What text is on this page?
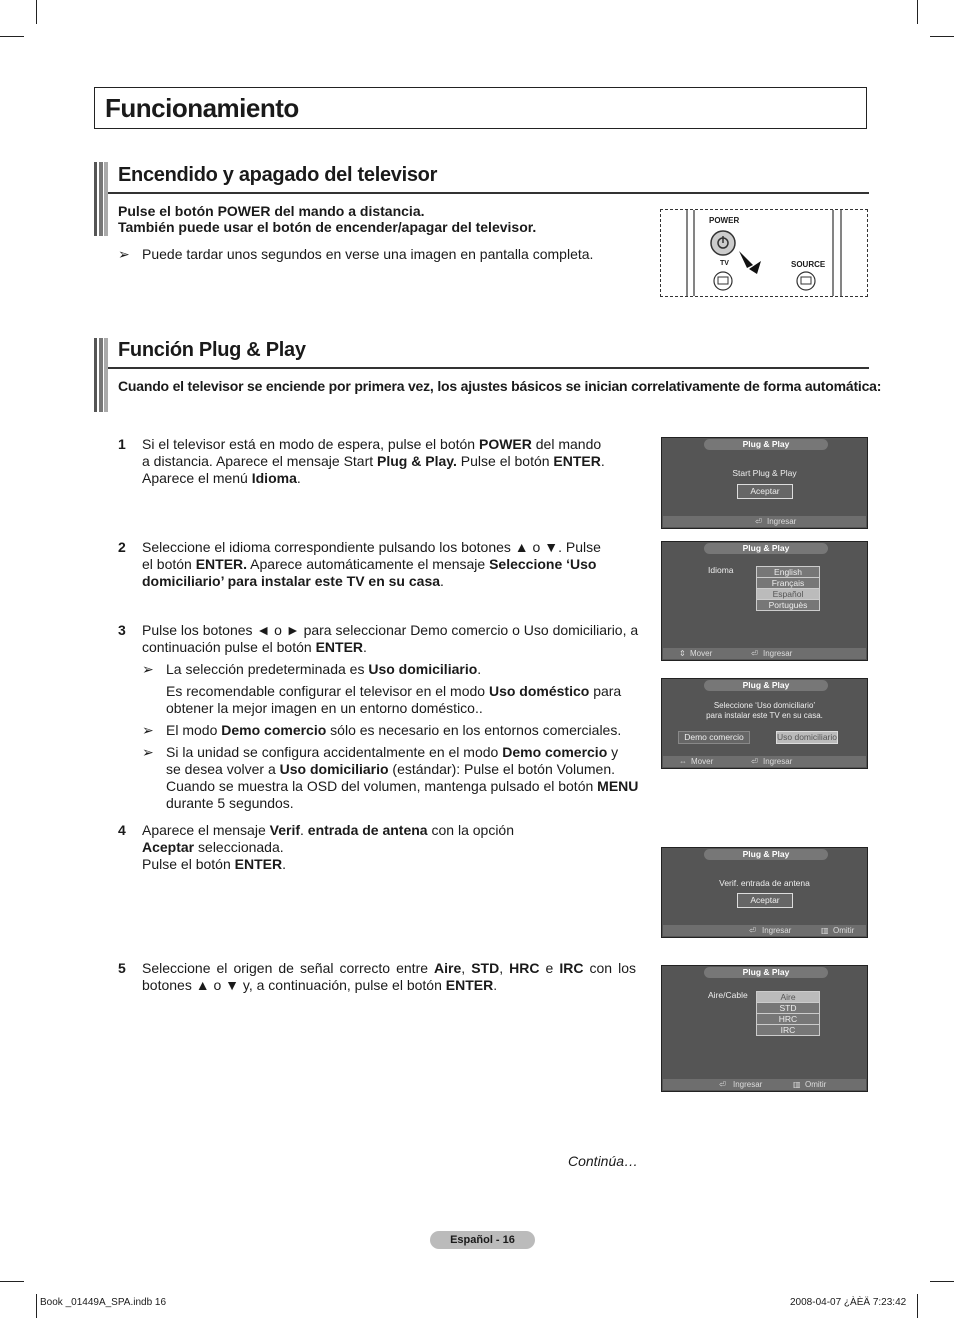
Funcionamiento
Encendido y apagado del televisor
Pulse el botón POWER del mando a distancia.
También puede usar el botón de encender/apagar del televisor.
➢ Puede tardar unos segundos en verse una imagen en pantalla completa.
POWER
TV	SOURCE
Función Plug & Play
Cuando el televisor se enciende por primera vez, los ajustes básicos se inician correlativamente de forma automática:
1 Si el televisor está en modo de espera, pulse el botón POWER del mando
a distancia. Aparece el mensaje Start Plug & Play. Pulse el botón ENTER.
Aparece el menú Idioma.
2 Seleccione el idioma correspondiente pulsando los botones ▲ o ▼. Pulse
el botón ENTER. Aparece automáticamente el mensaje Seleccione ‘Uso
domiciliario’ para instalar este TV en su casa.
3 Pulse los botones ◄ o ► para seleccionar Demo comercio o Uso domiciliario, a
continuación pulse el botón ENTER.
➢ La selección predeterminada es Uso domiciliario.
Es recomendable configurar el televisor en el modo Uso doméstico para
obtener la mejor imagen en un entorno doméstico..
➢ El modo Demo comercio sólo es necesario en los entornos comerciales.
➢ Si la unidad se configura accidentalmente en el modo Demo comercio y
se desea volver a Uso domiciliario (estándar): Pulse el botón Volumen.
Cuando se muestra la OSD del volumen, mantenga pulsado el botón MENU
durante 5 segundos.
4 Aparece el mensaje Verif. entrada de antena con la opción
Aceptar seleccionada.
Pulse el botón ENTER.
5 Seleccione el origen de señal correcto entre Aire, STD, HRC e IRC con los
botones ▲ o ▼ y, a continuación, pulse el botón ENTER.
Plug & Play
Start Plug & Play
Aceptar
⏎ Ingresar
Plug & Play
Idioma	English
Français
Español
Portuguès
⇕ Mover	⏎ Ingresar
Plug & Play
Seleccione ‘Uso domiciliario’
para instalar este TV en su casa.
Demo comercio	Uso domiciliario
⇔ Mover	⏎ Ingresar
Plug & Play
Verif. entrada de antena
Aceptar
⏎ Ingresar	▥ Omitir
Plug & Play
Aire/Cable	Aire
STD
HRC
IRC
⏎ Ingresar	▥ Omitir
Continúa…
Español - 16
Book _01449A_SPA.indb 16	2008-04-07 ¿ÀÈÄ 7:23:42
